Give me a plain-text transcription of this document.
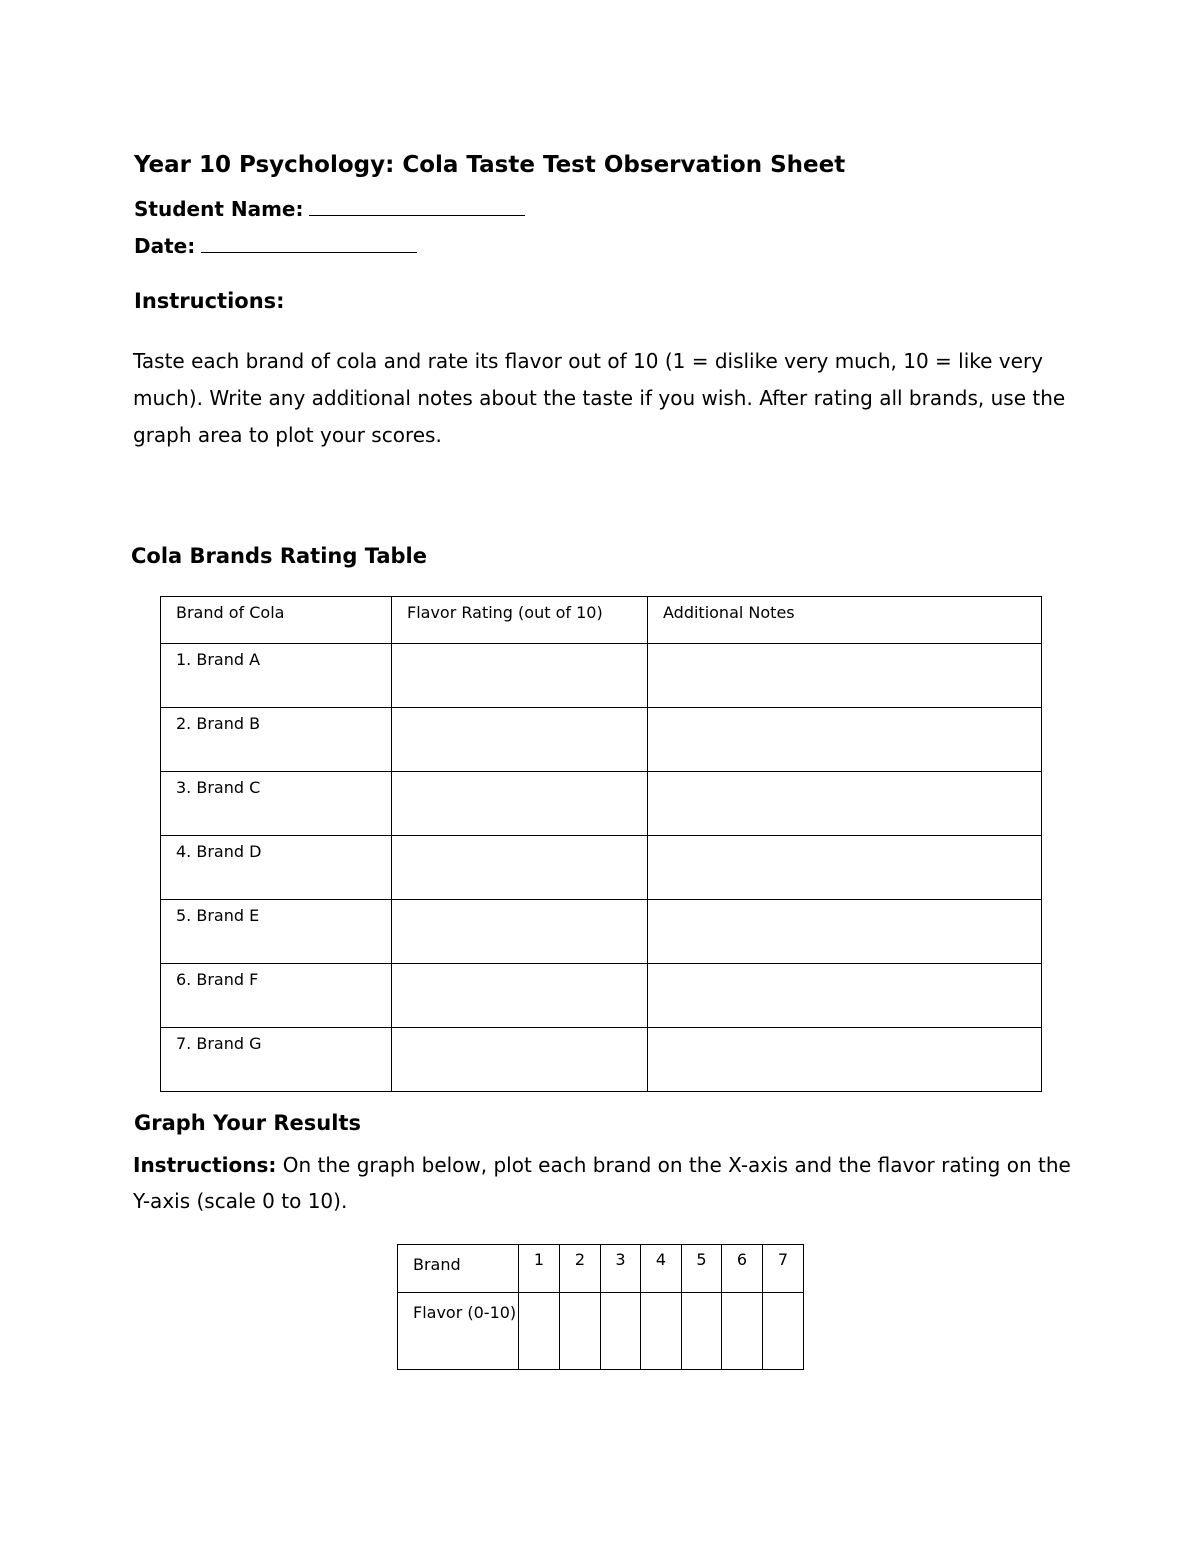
Year 10 Psychology: Cola Taste Test Observation Sheet
Student Name:
Date:
Instructions:
Taste each brand of cola and rate its flavor out of 10 (1 = dislike very much, 10 = like very much). Write any additional notes about the taste if you wish. After rating all brands, use the graph area to plot your scores.
Cola Brands Rating Table
Brand of Cola	Flavor Rating (out of 10)	Additional Notes
1. Brand A		
2. Brand B		
3. Brand C		
4. Brand D		
5. Brand E		
6. Brand F		
7. Brand G		
Graph Your Results
Instructions: On the graph below, plot each brand on the X-axis and the flavor rating on the Y-axis (scale 0 to 10).
Brand	1	2	3	4	5	6	7
Flavor (0-10)							
